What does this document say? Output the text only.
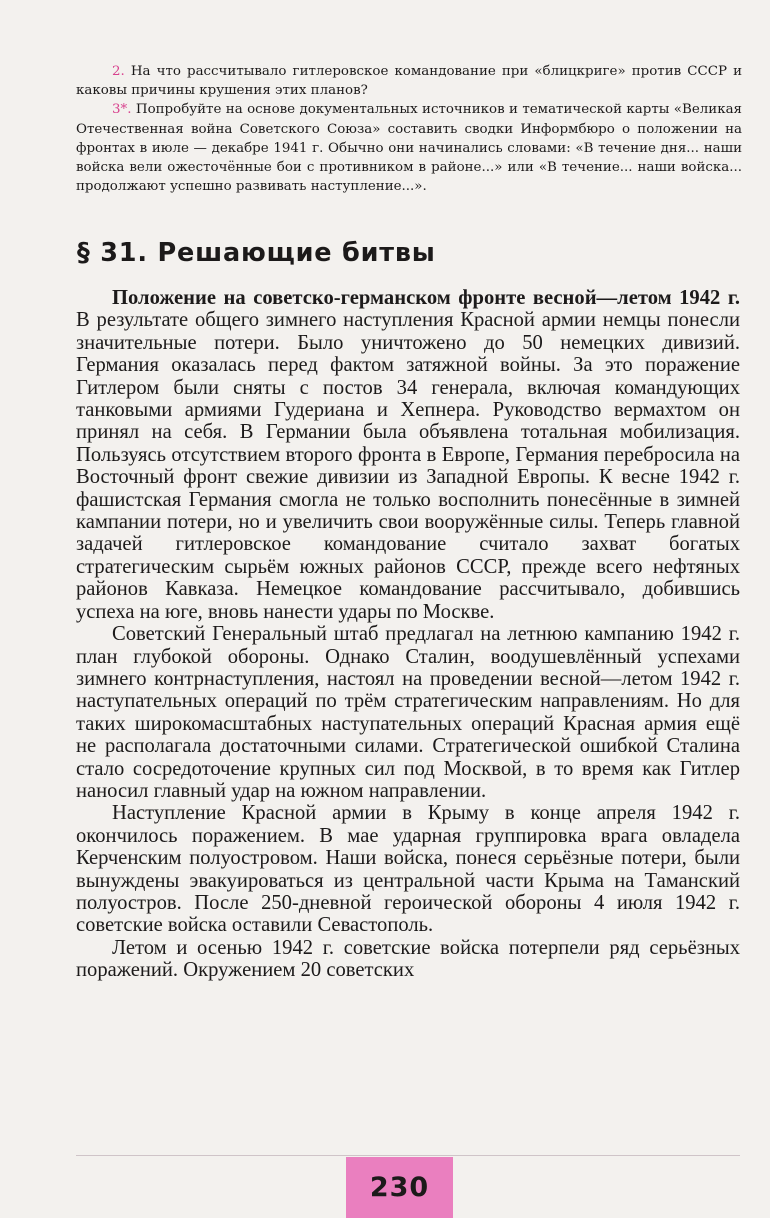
2. На что рассчитывало гитлеровское командование при «блицкриге» против СССР и каковы причины крушения этих планов?

3*. Попробуйте на основе документальных источников и тематической карты «Великая Отечественная война Советского Союза» составить сводки Информбюро о положении на фронтах в июле — декабре 1941 г. Обычно они начинались словами: «В течение дня... наши войска вели ожесточённые бои с противником в районе...» или «В течение... наши войска... продолжают успешно развивать наступление...».

§ 31. Решающие битвы

Положение на советско-германском фронте весной—летом 1942 г. В результате общего зимнего наступления Красной армии немцы понесли значительные потери. Было уничтожено до 50 немецких дивизий. Германия оказалась перед фактом затяжной войны. За это поражение Гитлером были сняты с постов 34 генерала, включая командующих танковыми армиями Гудериана и Хепнера. Руководство вермахтом он принял на себя. В Германии была объявлена тотальная мобилизация. Пользуясь отсутствием второго фронта в Европе, Германия перебросила на Восточный фронт свежие дивизии из Западной Европы. К весне 1942 г. фашистская Германия смогла не только восполнить понесённые в зимней кампании потери, но и увеличить свои вооружённые силы. Теперь главной задачей гитлеровское командование считало захват богатых стратегическим сырьём южных районов СССР, прежде всего нефтяных районов Кавказа. Немецкое командование рассчитывало, добившись успеха на юге, вновь нанести удары по Москве.

Советский Генеральный штаб предлагал на летнюю кампанию 1942 г. план глубокой обороны. Однако Сталин, воодушевлённый успехами зимнего контрнаступления, настоял на проведении весной—летом 1942 г. наступательных операций по трём стратегическим направлениям. Но для таких широкомасштабных наступательных операций Красная армия ещё не располагала достаточными силами. Стратегической ошибкой Сталина стало сосредоточение крупных сил под Москвой, в то время как Гитлер наносил главный удар на южном направлении.

Наступление Красной армии в Крыму в конце апреля 1942 г. окончилось поражением. В мае ударная группировка врага овладела Керченским полуостровом. Наши войска, понеся серьёзные потери, были вынуждены эвакуироваться из центральной части Крыма на Таманский полуостров. После 250-дневной героической обороны 4 июля 1942 г. советские войска оставили Севастополь.

Летом и осенью 1942 г. советские войска потерпели ряд серьёзных поражений. Окружением 20 советских

230
